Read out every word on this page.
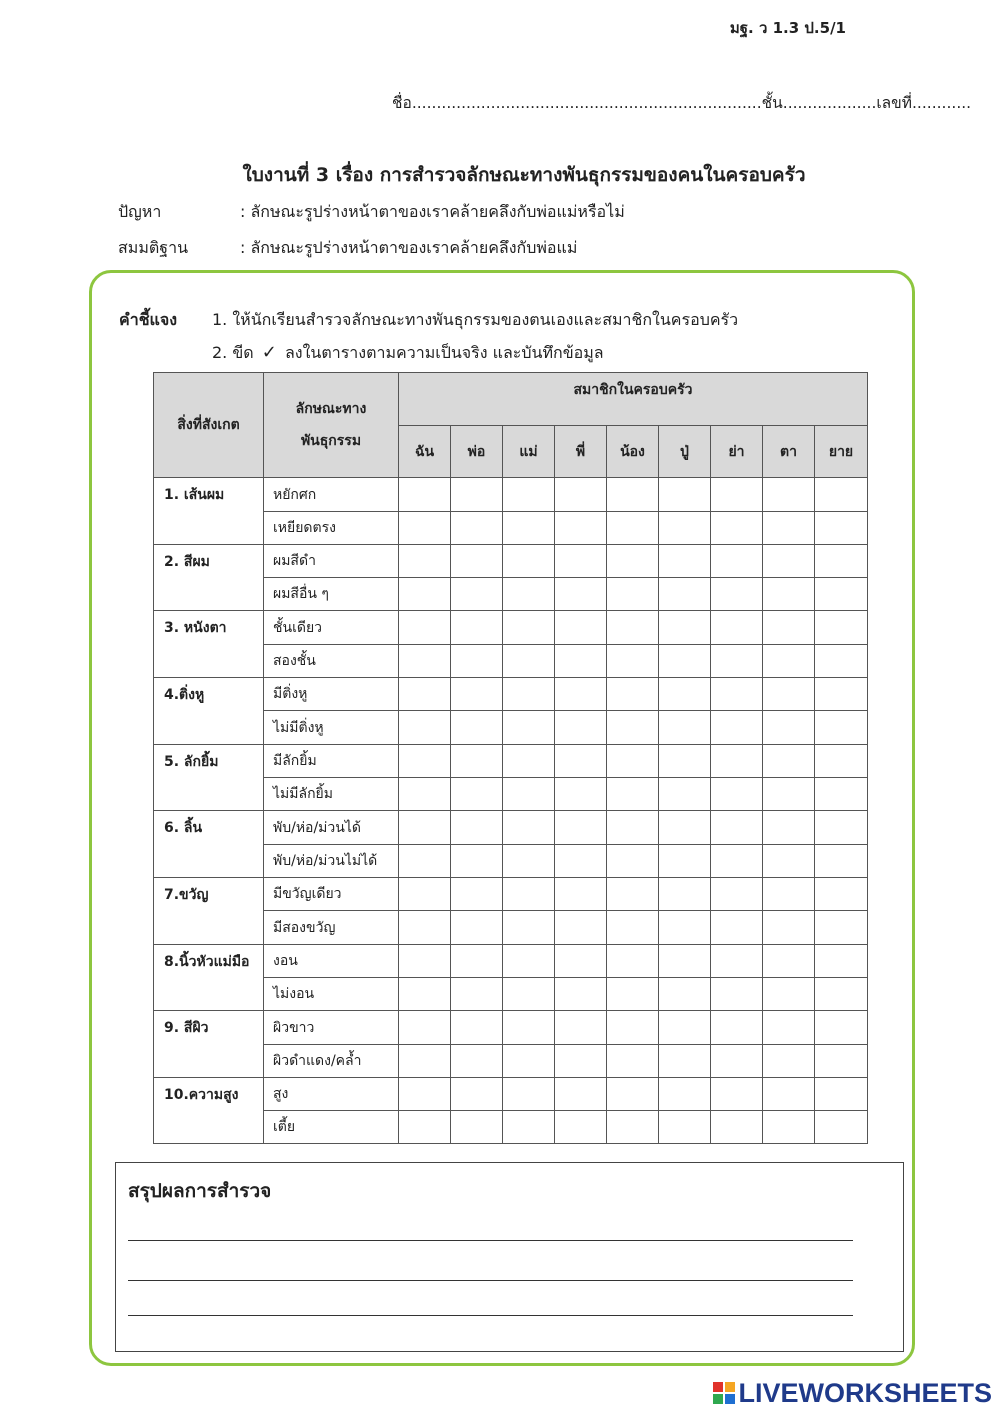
มฐ. ว 1.3 ป.5/1
ชื่อ.......................................................................ชั้น...................เลขที่............
ใบงานที่ 3 เรื่อง การสำรวจลักษณะทางพันธุกรรมของคนในครอบครัว
ปัญหา	: ลักษณะรูปร่างหน้าตาของเราคล้ายคลึงกับพ่อแม่หรือไม่
สมมติฐาน	: ลักษณะรูปร่างหน้าตาของเราคล้ายคลึงกับพ่อแม่
คำชี้แจง 1. ให้นักเรียนสำรวจลักษณะทางพันธุกรรมของตนเองและสมาชิกในครอบครัว
2. ขีด ✓ ลงในตารางตามความเป็นจริง และบันทึกข้อมูล
สิ่งที่สังเกต	ลักษณะทาง
พันธุกรรม	สมาชิกในครอบครัว								
		ฉัน	พ่อ	แม่	พี่	น้อง	ปู่	ย่า	ตา	ยาย
1. เส้นผม	หยักศก									
	เหยียดตรง									
2. สีผม	ผมสีดำ									
	ผมสีอื่น ๆ									
3. หนังตา	ชั้นเดียว									
	สองชั้น									
4.ติ่งหู	มีติ่งหู									
	ไม่มีติ่งหู									
5. ลักยิ้ม	มีลักยิ้ม									
	ไม่มีลักยิ้ม									
6. ลิ้น	พับ/ห่อ/ม่วนได้									
	พับ/ห่อ/ม่วนไม่ได้									
7.ขวัญ	มีขวัญเดียว									
	มีสองขวัญ									
8.นิ้วหัวแม่มือ	งอน									
	ไม่งอน									
9. สีผิว	ผิวขาว									
	ผิวดำแดง/คล้ำ									
10.ความสูง	สูง									
	เตี้ย									
สรุปผลการสำรวจ
LIVEWORKSHEETS
